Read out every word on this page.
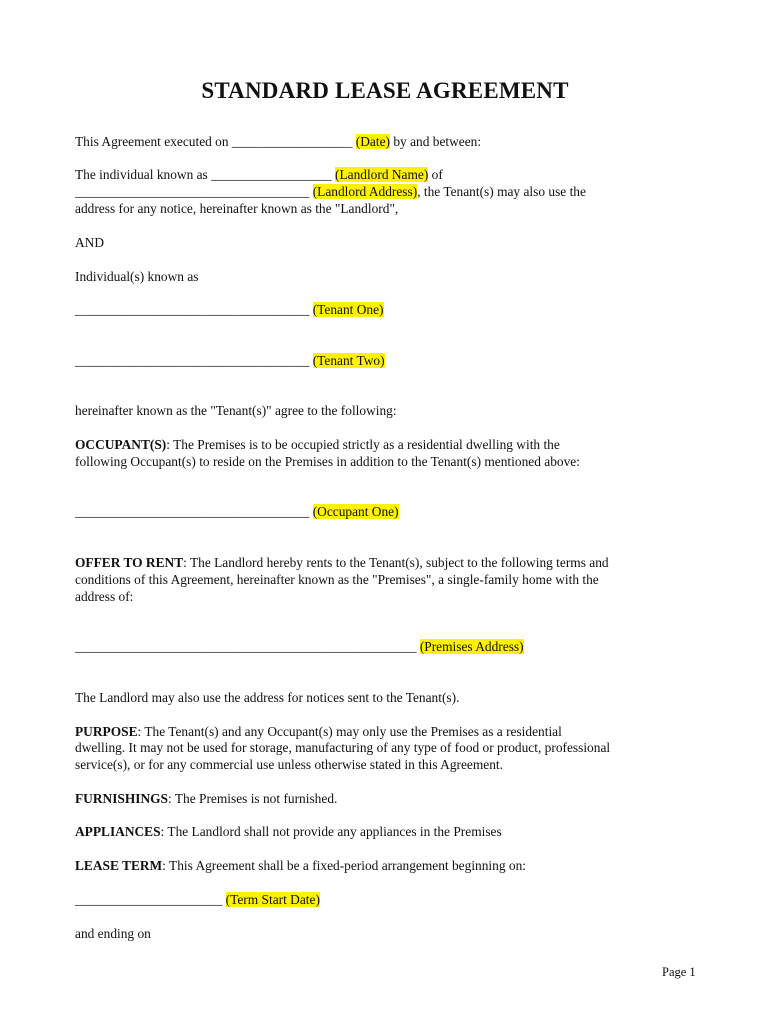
STANDARD LEASE AGREEMENT
This Agreement executed on __________________ (Date) by and between:
The individual known as __________________ (Landlord Name) of
___________________________________ (Landlord Address), the Tenant(s) may also use the
address for any notice, hereinafter known as the "Landlord",
AND
Individual(s) known as
___________________________________ (Tenant One)
___________________________________ (Tenant Two)
hereinafter known as the "Tenant(s)" agree to the following:
OCCUPANT(S): The Premises is to be occupied strictly as a residential dwelling with the
following Occupant(s) to reside on the Premises in addition to the Tenant(s) mentioned above:
___________________________________ (Occupant One)
OFFER TO RENT: The Landlord hereby rents to the Tenant(s), subject to the following terms and
conditions of this Agreement, hereinafter known as the "Premises", a single-family home with the
address of:
___________________________________________________ (Premises Address)
The Landlord may also use the address for notices sent to the Tenant(s).
PURPOSE: The Tenant(s) and any Occupant(s) may only use the Premises as a residential
dwelling. It may not be used for storage, manufacturing of any type of food or product, professional
service(s), or for any commercial use unless otherwise stated in this Agreement.
FURNISHINGS: The Premises is not furnished.
APPLIANCES: The Landlord shall not provide any appliances in the Premises
LEASE TERM: This Agreement shall be a fixed-period arrangement beginning on:
______________________ (Term Start Date)
and ending on
Page 1
